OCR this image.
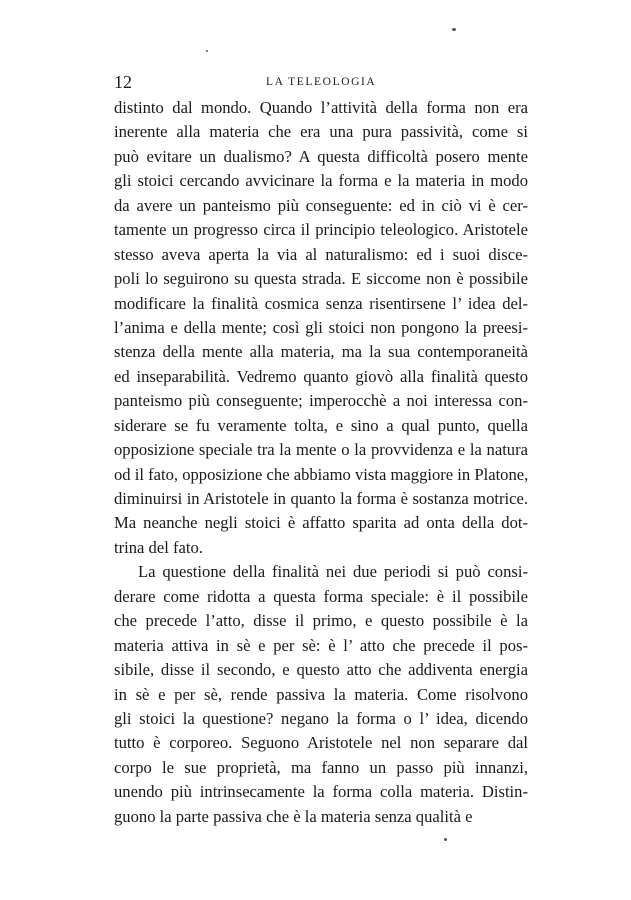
12	LA TELEOLOGIA
distinto dal mondo. Quando l’attività della forma non era
inerente alla materia che era una pura passività, come si
può evitare un dualismo? A questa difficoltà posero mente
gli stoici cercando avvicinare la forma e la materia in modo
da avere un panteismo più conseguente: ed in ciò vi è cer-
tamente un progresso circa il principio teleologico. Aristotele
stesso aveva aperta la via al naturalismo: ed i suoi disce-
poli lo seguirono su questa strada. E siccome non è possibile
modificare la finalità cosmica senza risentirsene l’ idea del-
l’anima e della mente; così gli stoici non pongono la preesi-
stenza della mente alla materia, ma la sua contemporaneità
ed inseparabilità. Vedremo quanto giovò alla finalità questo
panteismo più conseguente; imperocchè a noi interessa con-
siderare se fu veramente tolta, e sino a qual punto, quella
opposizione speciale tra la mente o la provvidenza e la natura
od il fato, opposizione che abbiamo vista maggiore in Platone,
diminuirsi in Aristotele in quanto la forma è sostanza motrice.
Ma neanche negli stoici è affatto sparita ad onta della dot-
trina del fato.
La questione della finalità nei due periodi si può consi-
derare come ridotta a questa forma speciale: è il possibile
che precede l’atto, disse il primo, e questo possibile è la
materia attiva in sè e per sè: è l’ atto che precede il pos-
sibile, disse il secondo, e questo atto che addiventa energia
in sè e per sè, rende passiva la materia. Come risolvono
gli stoici la questione? negano la forma o l’ idea, dicendo
tutto è corporeo. Seguono Aristotele nel non separare dal
corpo le sue proprietà, ma fanno un passo più innanzi,
unendo più intrinsecamente la forma colla materia. Distin-
guono la parte passiva che è la materia senza qualità e
